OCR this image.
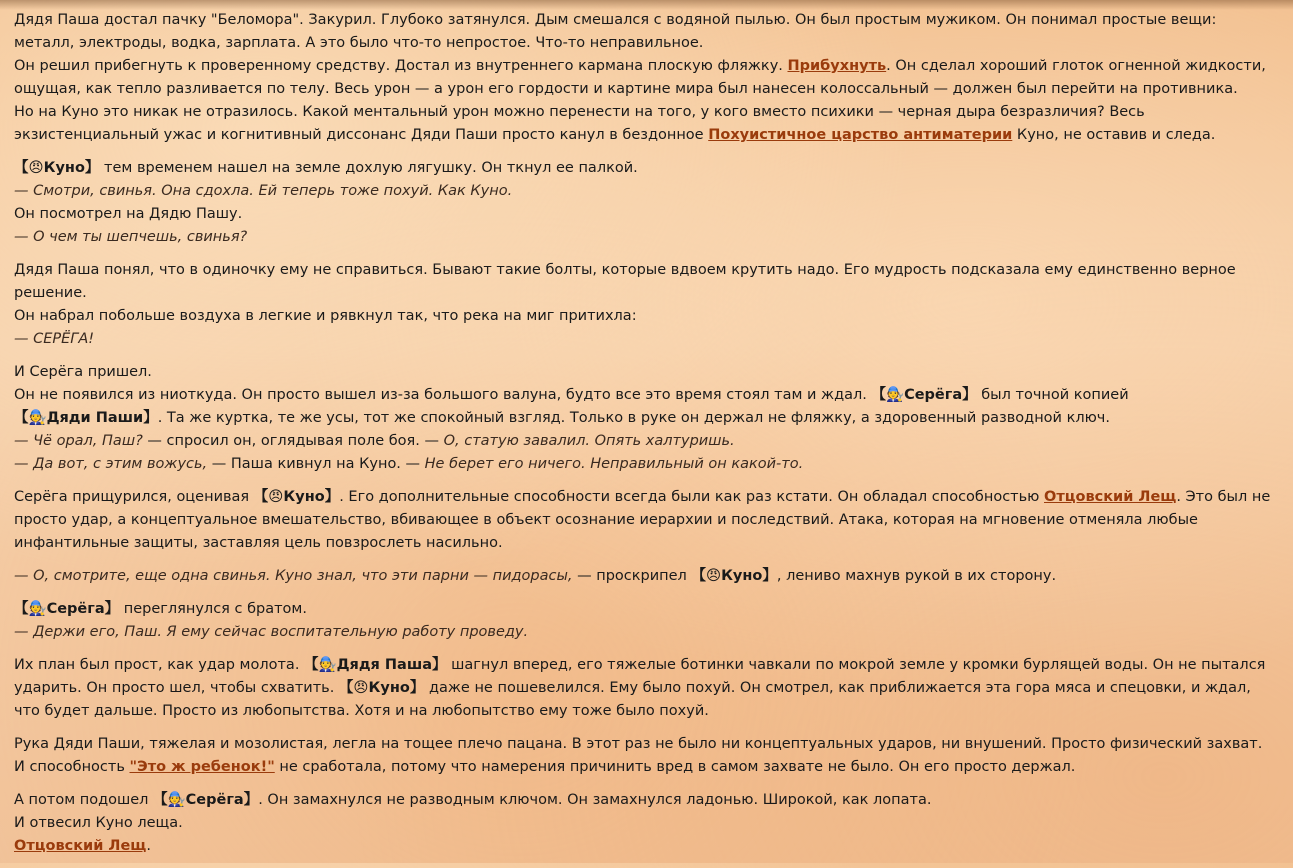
Дядя Паша достал пачку "Беломора". Закурил. Глубоко затянулся. Дым смешался с водяной пылью. Он был простым мужиком. Он понимал простые вещи: металл, электроды, водка, зарплата. А это было что-то непростое. Что-то неправильное.
Он решил прибегнуть к проверенному средству. Достал из внутреннего кармана плоскую фляжку. Прибухнуть. Он сделал хороший глоток огненной жидкости, ощущая, как тепло разливается по телу. Весь урон — а урон его гордости и картине мира был нанесен колоссальный — должен был перейти на противника.
Но на Куно это никак не отразилось. Какой ментальный урон можно перенести на того, у кого вместо психики — черная дыра безразличия? Весь экзистенциальный ужас и когнитивный диссонанс Дяди Паши просто канул в бездонное Похуистичное царство антиматерии Куно, не оставив и следа.
【😠Куно】 тем временем нашел на земле дохлую лягушку. Он ткнул ее палкой.
— Смотри, свинья. Она сдохла. Ей теперь тоже похуй. Как Куно.
Он посмотрел на Дядю Пашу.
— О чем ты шепчешь, свинья?
Дядя Паша понял, что в одиночку ему не справиться. Бывают такие болты, которые вдвоем крутить надо. Его мудрость подсказала ему единственно верное решение.
Он набрал побольше воздуха в легкие и рявкнул так, что река на миг притихла:
— СЕРЁГА!
И Серёга пришел.
Он не появился из ниоткуда. Он просто вышел из-за большого валуна, будто все это время стоял там и ждал. 【🧑‍🔧Серёга】 был точной копией 【🧑‍🔧Дяди Паши】. Та же куртка, те же усы, тот же спокойный взгляд. Только в руке он держал не фляжку, а здоровенный разводной ключ.
— Чё орал, Паш? — спросил он, оглядывая поле боя. — О, статую завалил. Опять халтуришь.
— Да вот, с этим вожусь, — Паша кивнул на Куно. — Не берет его ничего. Неправильный он какой-то.
Серёга прищурился, оценивая 【😠Куно】. Его дополнительные способности всегда были как раз кстати. Он обладал способностью Отцовский Лещ. Это был не просто удар, а концептуальное вмешательство, вбивающее в объект осознание иерархии и последствий. Атака, которая на мгновение отменяла любые инфантильные защиты, заставляя цель повзрослеть насильно.
— О, смотрите, еще одна свинья. Куно знал, что эти парни — пидорасы, — проскрипел 【😠Куно】, лениво махнув рукой в их сторону.
【🧑‍🔧Серёга】 переглянулся с братом.
— Держи его, Паш. Я ему сейчас воспитательную работу проведу.
Их план был прост, как удар молота. 【🧑‍🔧Дядя Паша】 шагнул вперед, его тяжелые ботинки чавкали по мокрой земле у кромки бурлящей воды. Он не пытался ударить. Он просто шел, чтобы схватить. 【😠Куно】 даже не пошевелился. Ему было похуй. Он смотрел, как приближается эта гора мяса и спецовки, и ждал, что будет дальше. Просто из любопытства. Хотя и на любопытство ему тоже было похуй.
Рука Дяди Паши, тяжелая и мозолистая, легла на тощее плечо пацана. В этот раз не было ни концептуальных ударов, ни внушений. Просто физический захват. И способность "Это ж ребенок!" не сработала, потому что намерения причинить вред в самом захвате не было. Он его просто держал.
А потом подошел 【🧑‍🔧Серёга】. Он замахнулся не разводным ключом. Он замахнулся ладонью. Широкой, как лопата.
И отвесил Куно леща.
Отцовский Лещ.
